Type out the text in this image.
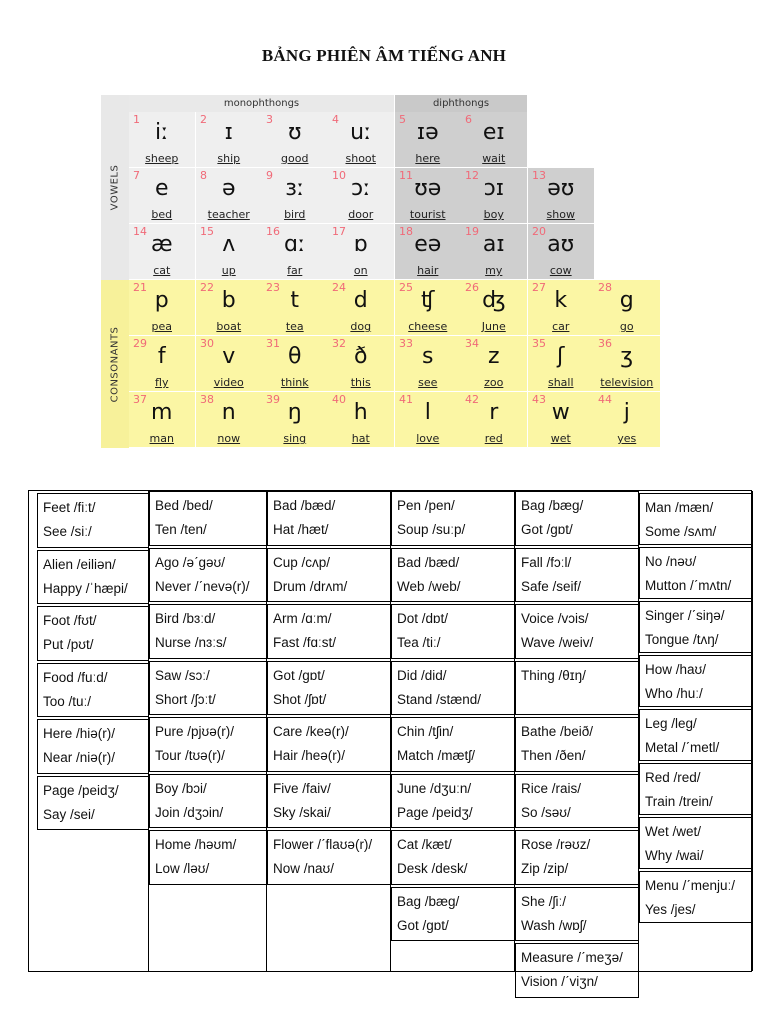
BẢNG PHIÊN ÂM TIẾNG ANH
VOWELS
CONSONANTS
monophthongs	diphthongs
1
iː
sheep
2
ɪ
ship
3
ʊ
good
4
uː
shoot
5
ɪə
here
6
eɪ
wait
7
e
bed
8
ə
teacher
9
ɜː
bird
10
ɔː
door
11
ʊə
tourist
12
ɔɪ
boy
13
əʊ
show
14
æ
cat
15
ʌ
up
16
ɑː
far
17
ɒ
on
18
eə
hair
19
aɪ
my
20
aʊ
cow
21
p
pea
22
b
boat
23
t
tea
24
d
dog
25
ʧ
cheese
26
ʤ
June
27
k
car
28
g
go
29
f
fly
30
v
video
31
θ
think
32
ð
this
33
s
see
34
z
zoo
35
ʃ
shall
36
ʒ
television
37
m
man
38
n
now
39
ŋ
sing
40
h
hat
41
l
love
42
r
red
43
w
wet
44
j
yes
Feet /fiːt/
See /siː/
Alien /eiliən/
Happy /ˈhæpi/
Foot /fʊt/
Put /pʊt/
Food /fuːd/
Too /tuː/
Here /hiə(r)/
Near /niə(r)/
Page /peidʒ/
Say /sei/
Bed /bed/
Ten /ten/
Ago /əˊgəʊ/
Never /ˊnevə(r)/
Bird /bɜːd/
Nurse /nɜːs/
Saw /sɔː/
Short /ʃɔːt/
Pure /pjʊə(r)/
Tour /tʊə(r)/
Boy /bɔi/
Join /dʒɔin/
Home /həʊm/
Low /ləʊ/
Bad /bæd/
Hat /hæt/
Cup /cʌp/
Drum /drʌm/
Arm /ɑːm/
Fast /fɑːst/
Got /gɒt/
Shot /ʃɒt/
Care /keə(r)/
Hair /heə(r)/
Five /faiv/
Sky /skai/
Flower /ˊflaʊə(r)/
Now /naʊ/
Pen /pen/
Soup /suːp/
Bad /bæd/
Web /web/
Dot /dɒt/
Tea /tiː/
Did /did/
Stand /stænd/
Chin /tʃin/
Match /mætʃ/
June /dʒuːn/
Page /peidʒ/
Cat /kæt/
Desk /desk/
Bag /bæg/
Got /gɒt/
Bag /bæg/
Got /gɒt/
Fall /fɔːl/
Safe /seif/
Voice /vɔis/
Wave /weiv/
Thing /θɪŋ/
Bathe /beið/
Then /ðen/
Rice /rais/
So /səʊ/
Rose /rəʊz/
Zip /zip/
She /ʃiː/
Wash /wɒʃ/
Measure /ˊmeʒə/
Vision /ˊviʒn/
Man /mæn/
Some /sʌm/
No /nəʊ/
Mutton /ˊmʌtn/
Singer /ˊsiŋə/
Tongue /tʌŋ/
How /haʊ/
Who /huː/
Leg /leg/
Metal /ˊmetl/
Red /red/
Train /trein/
Wet /wet/
Why /wai/
Menu /ˊmenjuː/
Yes /jes/
